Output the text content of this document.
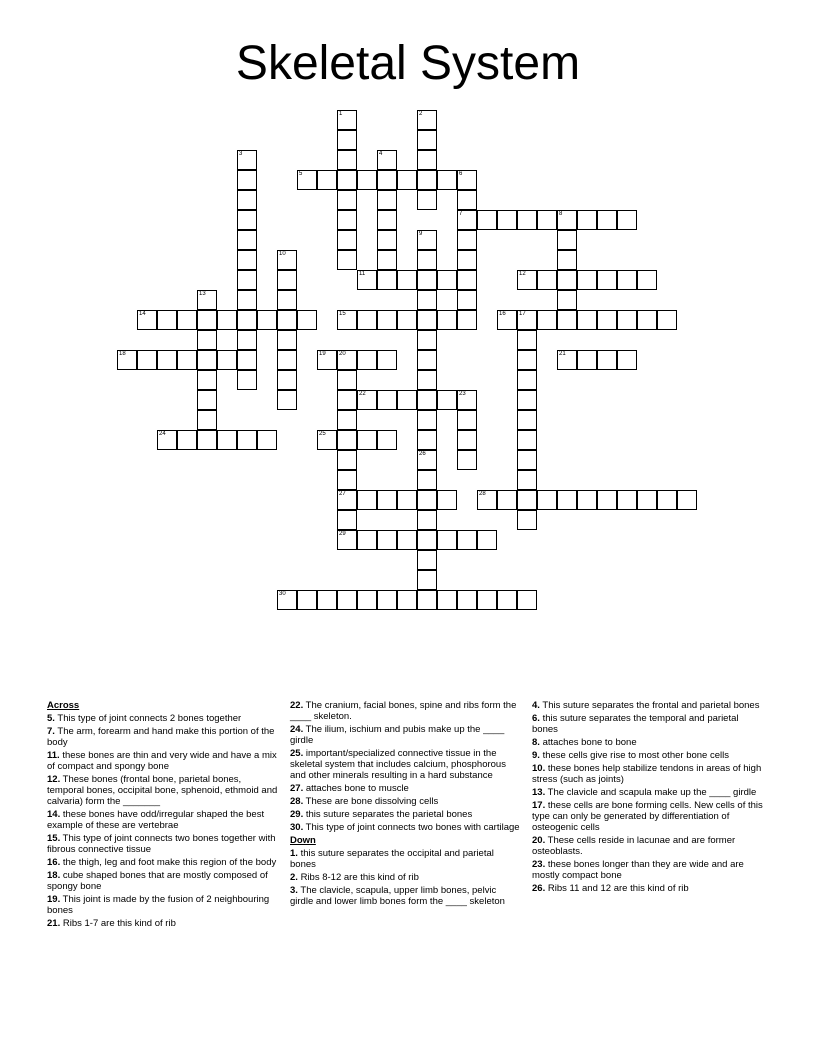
Skeletal System
1	2
3	4
5	6
7	8
9
10
11	12
13
14	15	16 17
18	19 20
27
29
21
22	23
24	25
26
28
30
Across
5. This type of joint connects 2 bones together
7. The arm, forearm and hand make this portion of the body
11. these bones are thin and very wide and have a mix of compact and spongy bone
12. These bones (frontal bone, parietal bones, temporal bones, occipital bone, sphenoid, ethmoid and calvaria) form the _______
14. these bones have odd/irregular shaped the best example of these are vertebrae
15. This type of joint connects two bones together with fibrous connective tissue
16. the thigh, leg and foot make this region of the body
18. cube shaped bones that are mostly composed of spongy bone
19. This joint is made by the fusion of 2 neighbouring bones
21. Ribs 1-7 are this kind of rib
22. The cranium, facial bones, spine and ribs form the ____ skeleton.
24. The ilium, ischium and pubis make up the ____ girdle
25. important/specialized connective tissue in the skeletal system that includes calcium, phosphorous and other minerals resulting in a hard substance
27. attaches bone to muscle
28. These are bone dissolving cells
29. this suture separates the parietal bones
30. This type of joint connects two bones with cartilage
Down
1. this suture separates the occipital and parietal bones
2. Ribs 8-12 are this kind of rib
3. The clavicle, scapula, upper limb bones, pelvic girdle and lower limb bones form the ____ skeleton
4. This suture separates the frontal and parietal bones
6. this suture separates the temporal and parietal bones
8. attaches bone to bone
9. these cells give rise to most other bone cells
10. these bones help stabilize tendons in areas of high stress (such as joints)
13. The clavicle and scapula make up the ____ girdle
17. these cells are bone forming cells. New cells of this type can only be generated by differentiation of osteogenic cells
20. These cells reside in lacunae and are former osteoblasts.
23. these bones longer than they are wide and are mostly compact bone
26. Ribs 11 and 12 are this kind of rib
